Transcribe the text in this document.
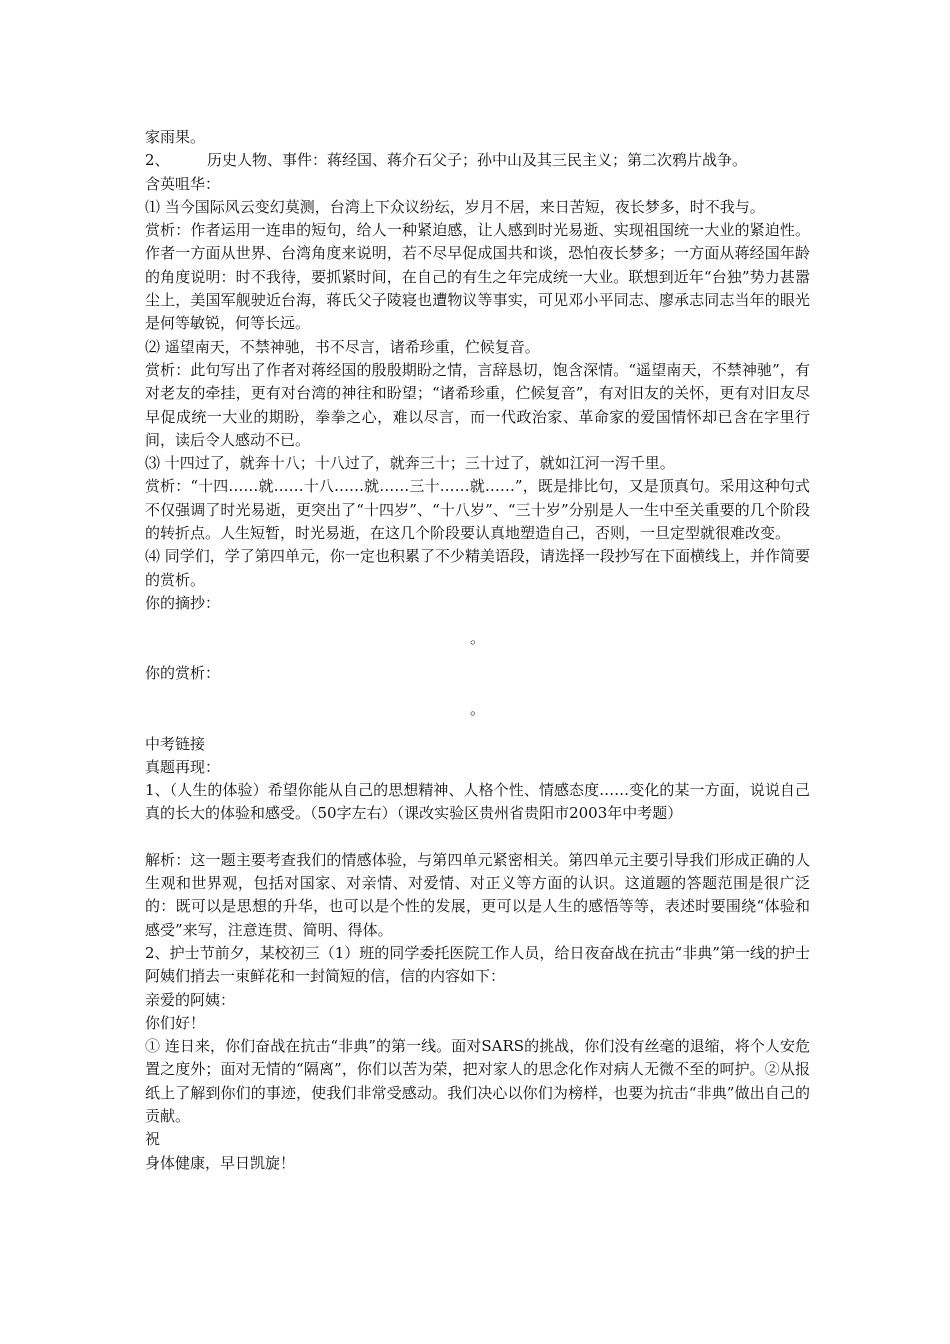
家雨果。

2、 历史人物、事件：蒋经国、蒋介石父子；孙中山及其三民主义；第二次鸦片战争。

含英咀华：

⑴ 当今国际风云变幻莫测，台湾上下众议纷纭，岁月不居，来日苦短，夜长梦多，时不我与。

赏析：作者运用一连串的短句，给人一种紧迫感，让人感到时光易逝、实现祖国统一大业的紧迫性。作者一方面从世界、台湾角度来说明，若不尽早促成国共和谈，恐怕夜长梦多；一方面从蒋经国年龄的角度说明：时不我待，要抓紧时间，在自己的有生之年完成统一大业。联想到近年“台独”势力甚嚣尘上，美国军舰驶近台海，蒋氏父子陵寝也遭物议等事实，可见邓小平同志、廖承志同志当年的眼光是何等敏锐，何等长远。

⑵ 遥望南天，不禁神驰，书不尽言，诸希珍重，伫候复音。

赏析：此句写出了作者对蒋经国的殷殷期盼之情，言辞恳切，饱含深情。“遥望南天，不禁神驰”，有对老友的牵挂，更有对台湾的神往和盼望；“诸希珍重，伫候复音”，有对旧友的关怀，更有对旧友尽早促成统一大业的期盼，拳拳之心，难以尽言，而一代政治家、革命家的爱国情怀却已含在字里行间，读后令人感动不已。

⑶ 十四过了，就奔十八；十八过了，就奔三十；三十过了，就如江河一泻千里。

赏析：“十四……就……十八……就……三十……就……”，既是排比句，又是顶真句。采用这种句式不仅强调了时光易逝，更突出了“十四岁”、“十八岁”、“三十岁”分别是人一生中至关重要的几个阶段的转折点。人生短暂，时光易逝，在这几个阶段要认真地塑造自己，否则，一旦定型就很难改变。

⑷ 同学们，学了第四单元，你一定也积累了不少精美语段，请选择一段抄写在下面横线上，并作简要的赏析。

你的摘抄：

。

你的赏析：

。

中考链接

真题再现：

1、（人生的体验）希望你能从自己的思想精神、人格个性、情感态度……变化的某一方面，说说自己真的长大的体验和感受。（50字左右）（课改实验区贵州省贵阳市2003年中考题）

解析：这一题主要考查我们的情感体验，与第四单元紧密相关。第四单元主要引导我们形成正确的人生观和世界观，包括对国家、对亲情、对爱情、对正义等方面的认识。这道题的答题范围是很广泛的：既可以是思想的升华，也可以是个性的发展，更可以是人生的感悟等等，表述时要围绕“体验和感受”来写，注意连贯、简明、得体。

2、护士节前夕，某校初三（1）班的同学委托医院工作人员，给日夜奋战在抗击“非典”第一线的护士阿姨们捎去一束鲜花和一封简短的信，信的内容如下：

亲爱的阿姨：

你们好！

① 连日来，你们奋战在抗击“非典”的第一线。面对SARS的挑战，你们没有丝毫的退缩，将个人安危置之度外；面对无情的“隔离”，你们以苦为荣，把对家人的思念化作对病人无微不至的呵护。②从报纸上了解到你们的事迹，使我们非常受感动。我们决心以你们为榜样，也要为抗击“非典”做出自己的贡献。

祝

身体健康，早日凯旋！
